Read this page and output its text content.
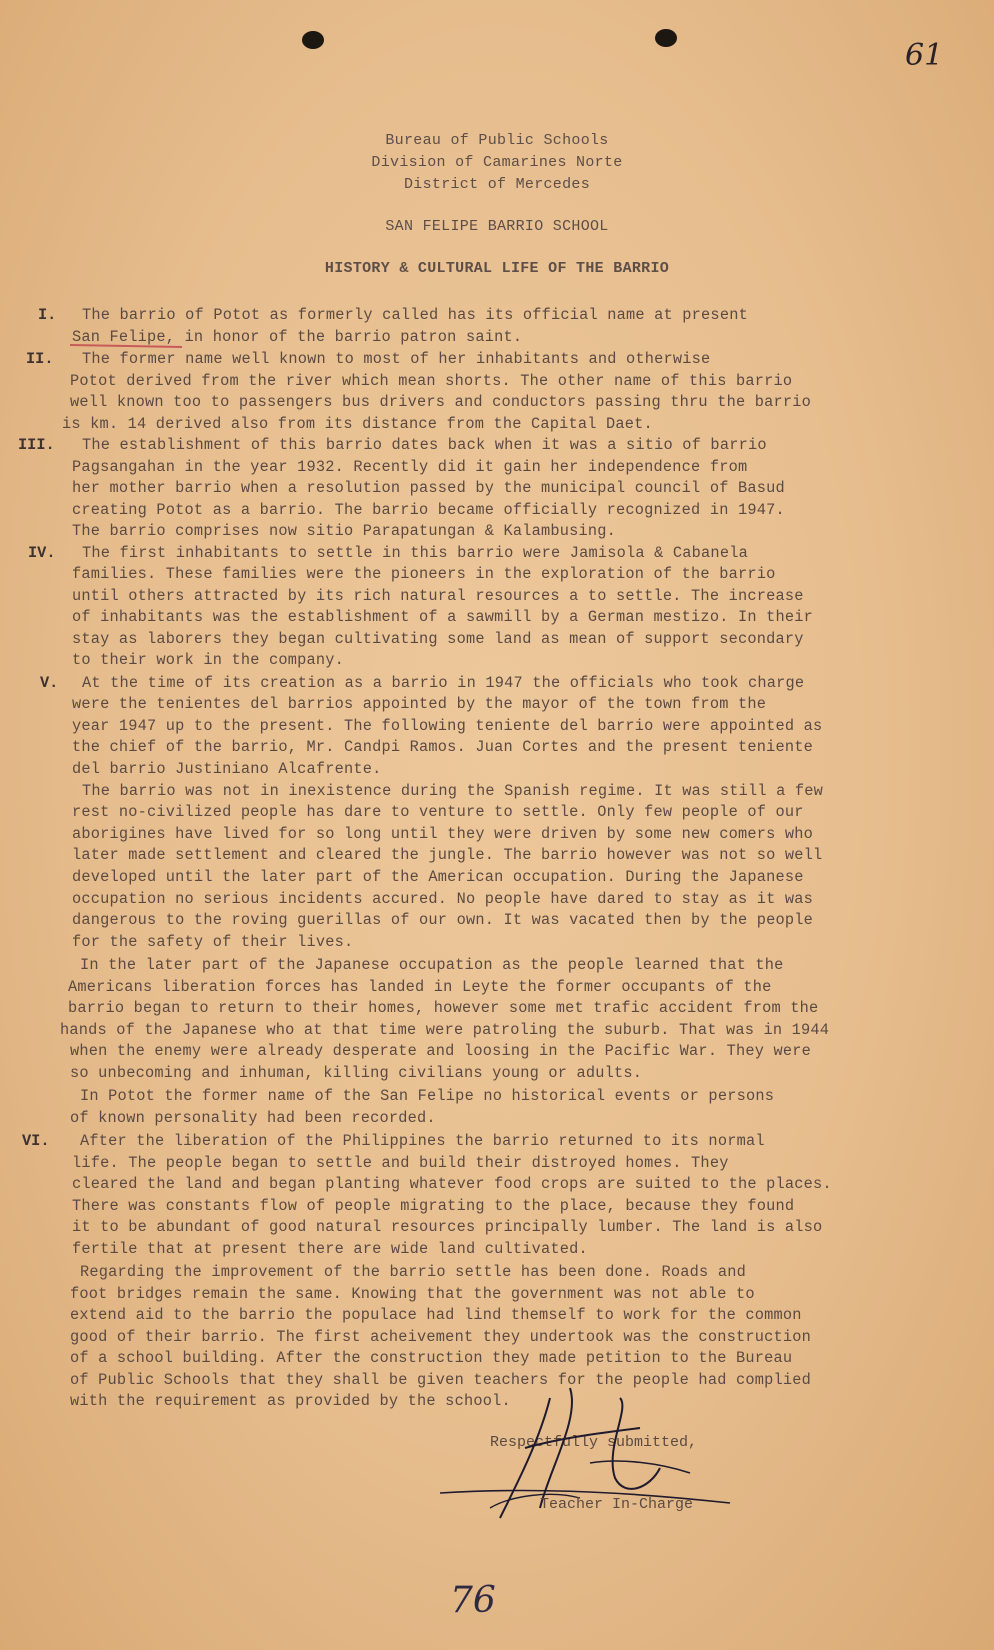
61
Bureau of Public Schools
Division of Camarines Norte
District of Mercedes
SAN FELIPE BARRIO SCHOOL
HISTORY & CULTURAL LIFE OF THE BARRIO
I.
II.
III.
IV.
V.
VI.
The barrio of Potot as formerly called has its official name at present
San Felipe, in honor of the barrio patron saint.
The former name well known to most of her inhabitants and otherwise
Potot derived from the river which mean shorts. The other name of this barrio
well known too to passengers bus drivers and conductors passing thru the barrio
is km. 14 derived also from its distance from the Capital Daet.
The establishment of this barrio dates back when it was a sitio of barrio
Pagsangahan in the year 1932. Recently did it gain her independence from
her mother barrio when a resolution passed by the municipal council of Basud
creating Potot as a barrio. The barrio became officially recognized in 1947.
The barrio comprises now sitio Parapatungan & Kalambusing.
The first inhabitants to settle in this barrio were Jamisola & Cabanela
families. These families were the pioneers in the exploration of the barrio
until others attracted by its rich natural resources a to settle. The increase
of inhabitants was the establishment of a sawmill by a German mestizo. In their
stay as laborers they began cultivating some land as mean of support secondary
to their work in the company.
At the time of its creation as a barrio in 1947 the officials who took charge
were the tenientes del barrios appointed by the mayor of the town from the
year 1947 up to the present. The following teniente del barrio were appointed as
the chief of the barrio, Mr. Candpi Ramos. Juan Cortes and the present teniente
del barrio Justiniano Alcafrente.
The barrio was not in inexistence during the Spanish regime. It was still a few
rest no-civilized people has dare to venture to settle. Only few people of our
aborigines have lived for so long until they were driven by some new comers who
later made settlement and cleared the jungle. The barrio however was not so well
developed until the later part of the American occupation. During the Japanese
occupation no serious incidents accured. No people have dared to stay as it was
dangerous to the roving guerillas of our own. It was vacated then by the people
for the safety of their lives.
In the later part of the Japanese occupation as the people learned that the
Americans liberation forces has landed in Leyte the former occupants of the
barrio began to return to their homes, however some met trafic accident from the
hands of the Japanese who at that time were patroling the suburb. That was in 1944
when the enemy were already desperate and loosing in the Pacific War. They were
so unbecoming and inhuman, killing civilians young or adults.
In Potot the former name of the San Felipe no historical events or persons
of known personality had been recorded.
After the liberation of the Philippines the barrio returned to its normal
life. The people began to settle and build their distroyed homes. They
cleared the land and began planting whatever food crops are suited to the places.
There was constants flow of people migrating to the place, because they found
it to be abundant of good natural resources principally lumber. The land is also
fertile that at present there are wide land cultivated.
Regarding the improvement of the barrio settle has been done. Roads and
foot bridges remain the same. Knowing that the government was not able to
extend aid to the barrio the populace had lind themself to work for the common
good of their barrio. The first acheivement they undertook was the construction
of a school building. After the construction they made petition to the Bureau
of Public Schools that they shall be given teachers for the people had complied
with the requirement as provided by the school.
Respectfully submitted,
Teacher In-Charge
76
